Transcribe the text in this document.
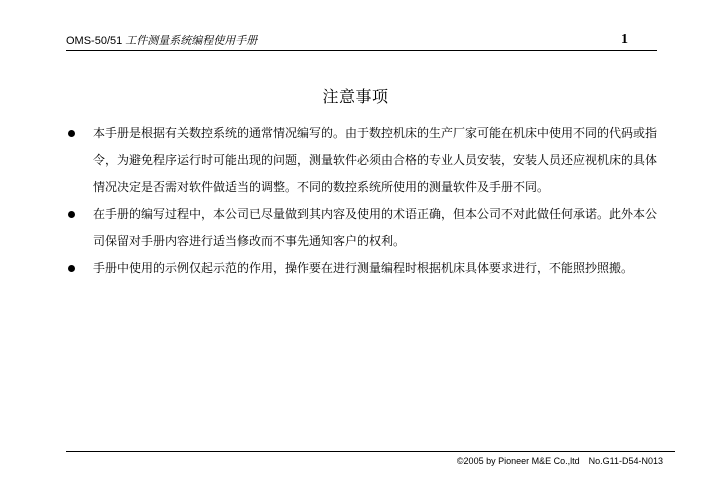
OMS-50/51 工件测量系统编程使用手册	1
注意事项
本手册是根据有关数控系统的通常情况编写的。由于数控机床的生产厂家可能在机床中使用不同的代码或指令，为避免程序运行时可能出现的问题，测量软件必须由合格的专业人员安装，安装人员还应视机床的具体情况决定是否需对软件做适当的调整。不同的数控系统所使用的测量软件及手册不同。
在手册的编写过程中，本公司已尽量做到其内容及使用的术语正确，但本公司不对此做任何承诺。此外本公司保留对手册内容进行适当修改而不事先通知客户的权利。
手册中使用的示例仅起示范的作用，操作要在进行测量编程时根据机床具体要求进行，不能照抄照搬。
©2005 by Pioneer M&E Co.,ltd No.G11-D54-N013
